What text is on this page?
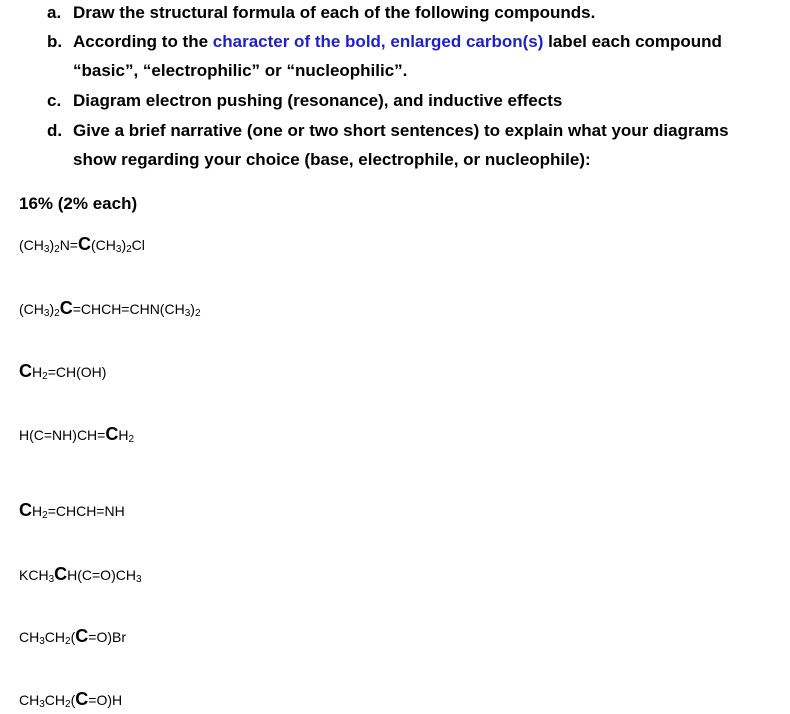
a. Draw the structural formula of each of the following compounds.
b. According to the character of the bold, enlarged carbon(s) label each compound
“basic”, “electrophilic” or “nucleophilic”.
c. Diagram electron pushing (resonance), and inductive effects
d. Give a brief narrative (one or two short sentences) to explain what your diagrams
show regarding your choice (base, electrophile, or nucleophile):
16% (2% each)
$(CH_3)_2N=C(CH_3)_2Cl$
$(CH_3)_2C=CHCH=CHN(CH_3)_2$
$CH_2=CH(OH)$
$H(C=NH)CH=CH_2$
$CH_2=CHCH=NH$
$KCH_3CH(C=O)CH_3$
$CH_3CH_2(C=O)Br$
$CH_3CH_2(C=O)H$
